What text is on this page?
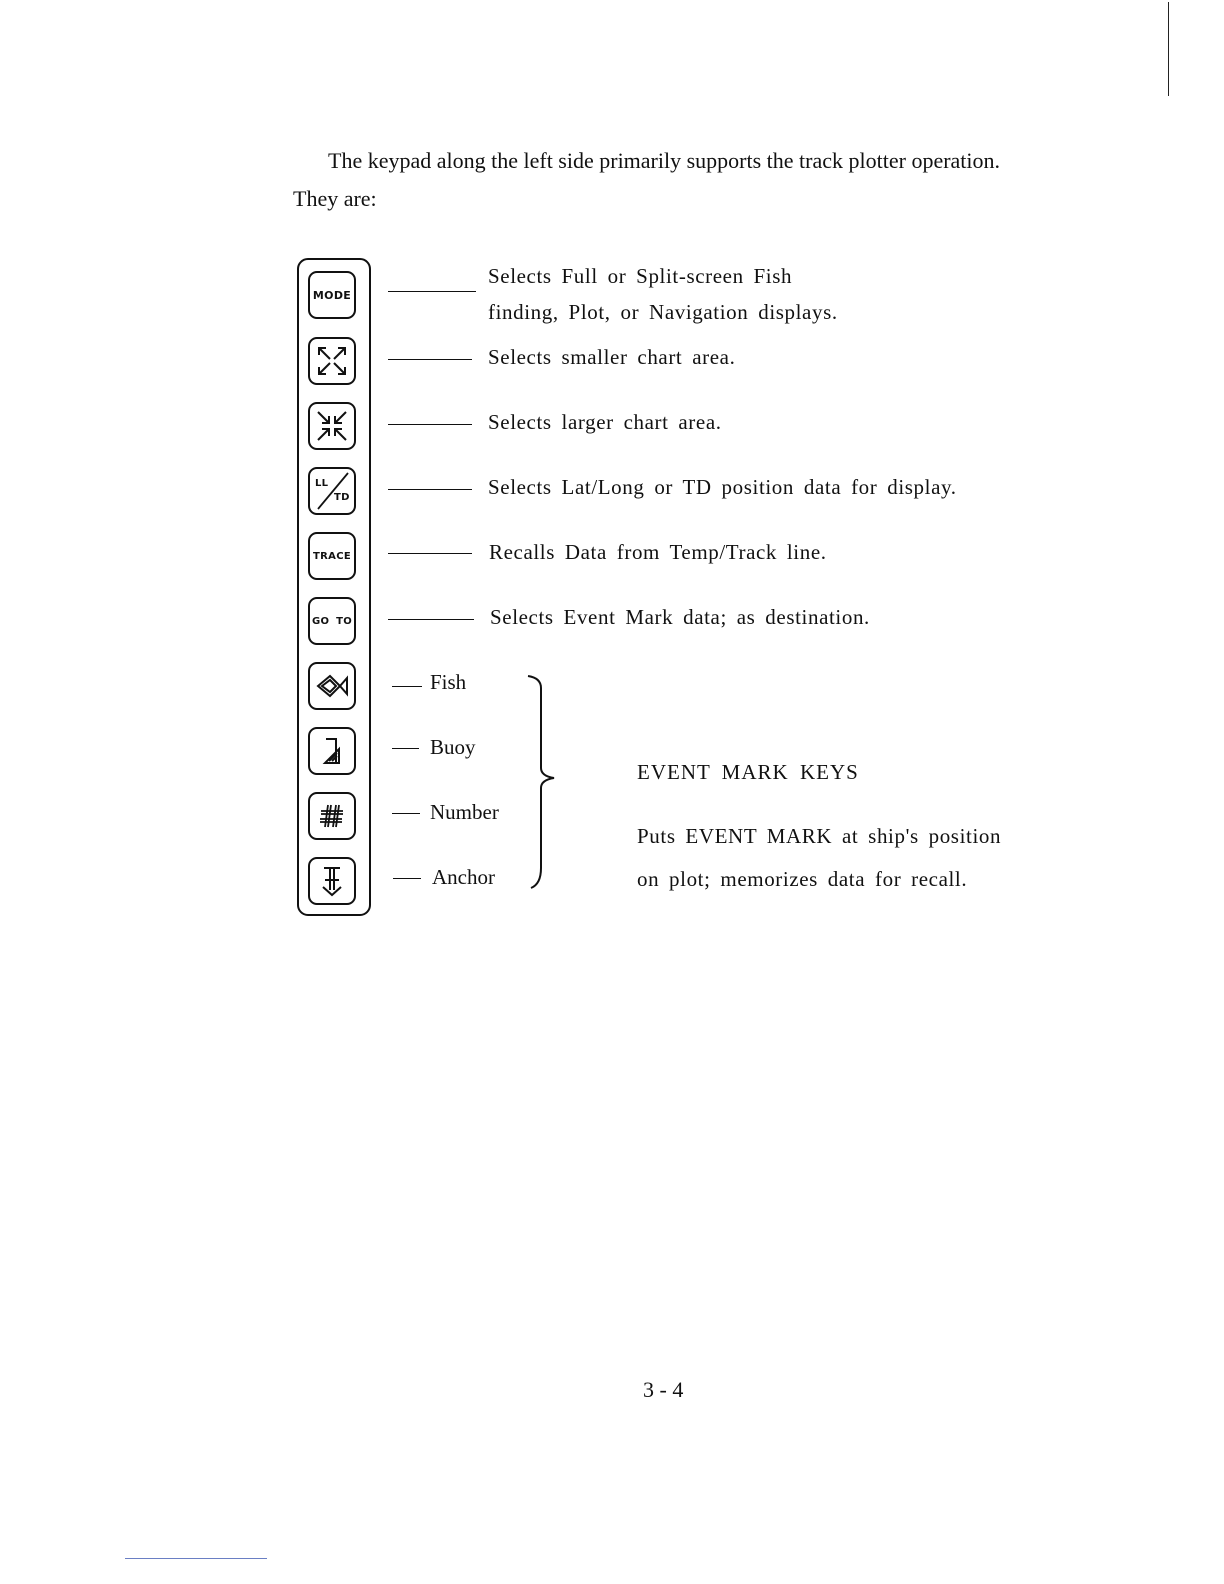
The keypad along the left side primarily supports the track plotter operation.
They are:
MODE
LL
TD
TRACE
GO TO
Selects Full or Split-screen Fish
finding, Plot, or Navigation displays.
Selects smaller chart area.
Selects larger chart area.
Selects Lat/Long or TD position data for display.
Recalls Data from Temp/Track line.
Selects Event Mark data; as destination.
Fish
Buoy
Number
Anchor
EVENT MARK KEYS
Puts EVENT MARK at ship's position
on plot; memorizes data for recall.
3 - 4
